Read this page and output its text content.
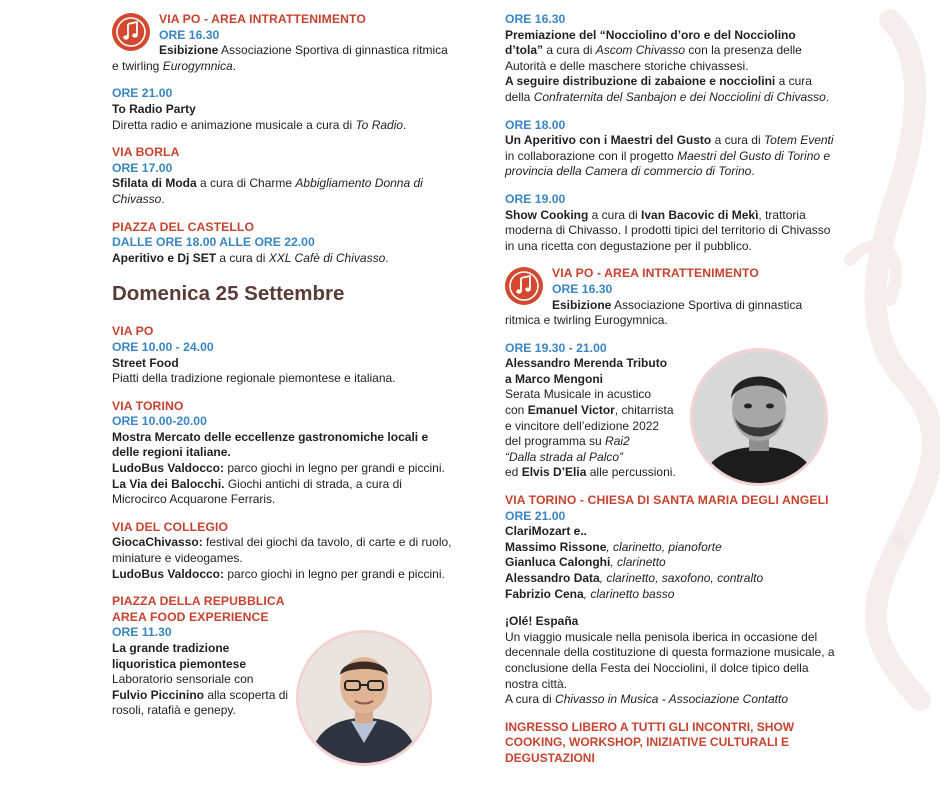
VIA PO - AREA INTRATTENIMENTO

ORE 16.30

Esibizione Associazione Sportiva di ginnastica ritmica e twirling Eurogymnica.

ORE 21.00

To Radio Party

Diretta radio e animazione musicale a cura di To Radio.

VIA BORLA

ORE 17.00

Sfilata di Moda a cura di Charme Abbigliamento Donna di Chivasso.

PIAZZA DEL CASTELLO

DALLE ORE 18.00 ALLE ORE 22.00

Aperitivo e Dj SET a cura di XXL Cafè di Chivasso.

Domenica 25 Settembre

VIA PO

ORE 10.00 - 24.00

Street Food

Piatti della tradizione regionale piemontese e italiana.

VIA TORINO

ORE 10.00-20.00

Mostra Mercato delle eccellenze gastronomiche locali e delle regioni italiane.

LudoBus Valdocco: parco giochi in legno per grandi e piccini.

La Via dei Balocchi. Giochi antichi di strada, a cura di Microcirco Acquarone Ferraris.

VIA DEL COLLEGIO

GiocaChivasso: festival dei giochi da tavolo, di carte e di ruolo, miniature e videogames.

LudoBus Valdocco: parco giochi in legno per grandi e piccini.

PIAZZA DELLA REPUBBLICA

AREA FOOD EXPERIENCE

ORE 11.30

La grande tradizione liquoristica piemontese

Laboratorio sensoriale con

Fulvio Piccinino alla scoperta di rosoli, ratafià e genepy.

ORE 16.30

Premiazione del “Nocciolino d’oro e del Nocciolino d’tola” a cura di Ascom Chivasso con la presenza delle Autorità e delle maschere storiche chivassesi.

A seguire distribuzione di zabaione e nocciolini a cura della Confraternita del Sanbajon e dei Nocciolini di Chivasso.

ORE 18.00

Un Aperitivo con i Maestri del Gusto a cura di Totem Eventi in collaborazione con il progetto Maestri del Gusto di Torino e provincia della Camera di commercio di Torino.

ORE 19.00

Show Cooking a cura di Ivan Bacovic di Mekì, trattoria moderna di Chivasso. I prodotti tipici del territorio di Chivasso in una ricetta con degustazione per il pubblico.

VIA PO - AREA INTRATTENIMENTO

ORE 16.30

Esibizione Associazione Sportiva di ginnastica ritmica e twirling Eurogymnica.

ORE 19.30 - 21.00

Alessandro Merenda Tributo

a Marco Mengoni

Serata Musicale in acustico

con Emanuel Victor, chitarrista

e vincitore dell’edizione 2022

del programma su Rai2

“Dalla strada al Palco”

ed Elvis D’Elia alle percussioni.

VIA TORINO - CHIESA DI SANTA MARIA DEGLI ANGELI

ORE 21.00

ClariMozart e..

Massimo Rissone, clarinetto, pianoforte

Gianluca Calonghi, clarinetto

Alessandro Data, clarinetto, saxofono, contralto

Fabrizio Cena, clarinetto basso

¡Olé! España

Un viaggio musicale nella penisola iberica in occasione del decennale della costituzione di questa formazione musicale, a conclusione della Festa dei Nocciolini, il dolce tipico della nostra città.

A cura di Chivasso in Musica - Associazione Contatto

INGRESSO LIBERO A TUTTI GLI INCONTRI, SHOW COOKING, WORKSHOP, INIZIATIVE CULTURALI E DEGUSTAZIONI
